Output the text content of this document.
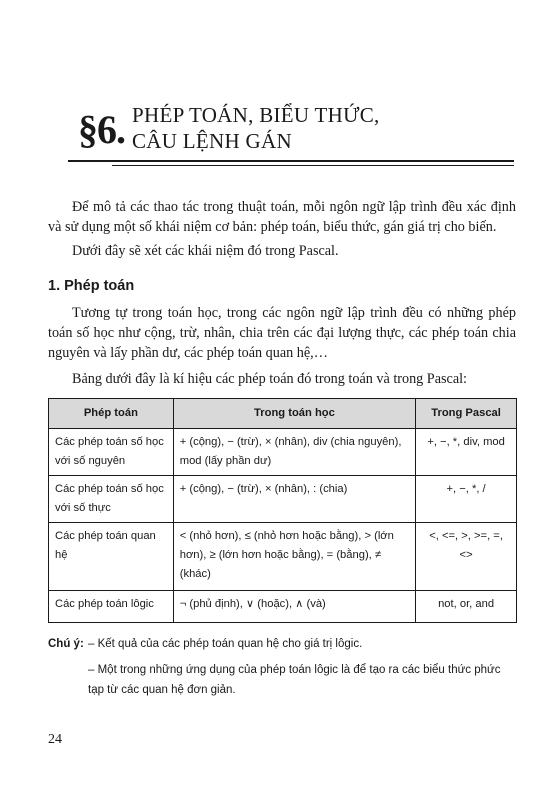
§6. PHÉP TOÁN, BIỂU THỨC,
CÂU LỆNH GÁN
Để mô tả các thao tác trong thuật toán, mỗi ngôn ngữ lập trình đều xác định và sử dụng một số khái niệm cơ bản: phép toán, biểu thức, gán giá trị cho biến.
Dưới đây sẽ xét các khái niệm đó trong Pascal.
1. Phép toán
Tương tự trong toán học, trong các ngôn ngữ lập trình đều có những phép toán số học như cộng, trừ, nhân, chia trên các đại lượng thực, các phép toán chia nguyên và lấy phần dư, các phép toán quan hệ,…
Bảng dưới đây là kí hiệu các phép toán đó trong toán và trong Pascal:
Phép toán	Trong toán học	Trong Pascal
Các phép toán số học với số nguyên	+ (cộng), − (trừ), × (nhân), div (chia nguyên), mod (lấy phần dư)	+, −, *, div, mod
Các phép toán số học với số thực	+ (cộng), − (trừ), × (nhân), : (chia)	+, −, *, /
Các phép toán quan hệ	< (nhỏ hơn), ≤ (nhỏ hơn hoặc bằng), > (lớn hơn), ≥ (lớn hơn hoặc bằng), = (bằng), ≠ (khác)	<, <=, >, >=, =, <>
Các phép toán lôgic	¬ (phủ định), ∨ (hoặc), ∧ (và)	not, or, and
Chú ý: – Kết quả của các phép toán quan hệ cho giá trị lôgic.
– Một trong những ứng dụng của phép toán lôgic là để tạo ra các biểu thức phức tạp từ các quan hệ đơn giản.
24
